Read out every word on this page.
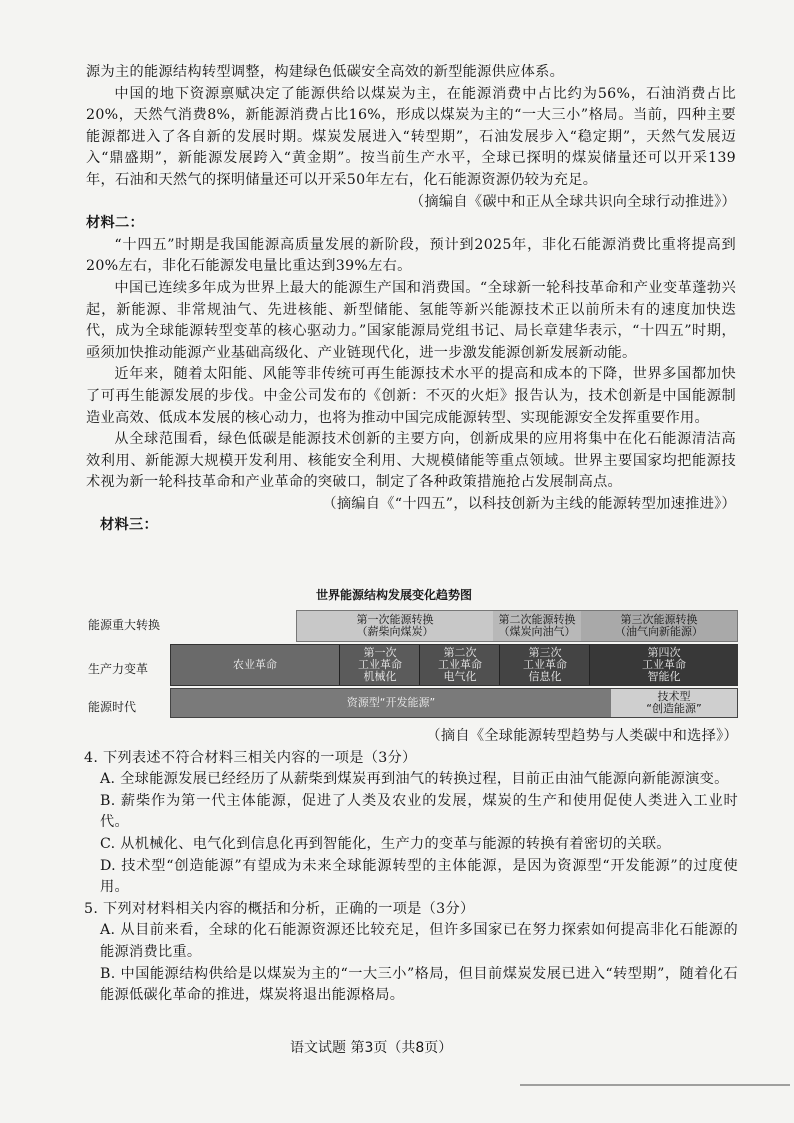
源为主的能源结构转型调整，构建绿色低碳安全高效的新型能源供应体系。

中国的地下资源禀赋决定了能源供给以煤炭为主，在能源消费中占比约为56%，石油消费占比20%，天然气消费8%，新能源消费占比16%，形成以煤炭为主的“一大三小”格局。当前，四种主要能源都进入了各自新的发展时期。煤炭发展进入“转型期”，石油发展步入“稳定期”，天然气发展迈入“鼎盛期”，新能源发展跨入“黄金期”。按当前生产水平，全球已探明的煤炭储量还可以开采139年，石油和天然气的探明储量还可以开采50年左右，化石能源资源仍较为充足。

（摘编自《碳中和正从全球共识向全球行动推进》）

材料二：

“十四五”时期是我国能源高质量发展的新阶段，预计到2025年，非化石能源消费比重将提高到20%左右，非化石能源发电量比重达到39%左右。

中国已连续多年成为世界上最大的能源生产国和消费国。“全球新一轮科技革命和产业变革蓬勃兴起，新能源、非常规油气、先进核能、新型储能、氢能等新兴能源技术正以前所未有的速度加快迭代，成为全球能源转型变革的核心驱动力。”国家能源局党组书记、局长章建华表示，“十四五”时期，亟须加快推动能源产业基础高级化、产业链现代化，进一步激发能源创新发展新动能。

近年来，随着太阳能、风能等非传统可再生能源技术水平的提高和成本的下降，世界多国都加快了可再生能源发展的步伐。中金公司发布的《创新：不灭的火炬》报告认为，技术创新是中国能源制造业高效、低成本发展的核心动力，也将为推动中国完成能源转型、实现能源安全发挥重要作用。

从全球范围看，绿色低碳是能源技术创新的主要方向，创新成果的应用将集中在化石能源清洁高效利用、新能源大规模开发利用、核能安全利用、大规模储能等重点领域。世界主要国家均把能源技术视为新一轮科技革命和产业革命的突破口，制定了各种政策措施抢占发展制高点。

（摘编自《“十四五”，以科技创新为主线的能源转型加速推进》）

材料三：

世界能源结构发展变化趋势图
能源重大转换
生产力变革
能源时代
第一次能源转换
（薪柴向煤炭）
第二次能源转换
（煤炭向油气）
第三次能源转换
（油气向新能源）
农业革命
第一次
工业革命
机械化
第二次
工业革命
电气化
第三次
工业革命
信息化
第四次
工业革命
智能化
资源型“开发能源”	技术型
“创造能源”

（摘自《全球能源转型趋势与人类碳中和选择》）

4. 下列表述不符合材料三相关内容的一项是（3分）

A. 全球能源发展已经经历了从薪柴到煤炭再到油气的转换过程，目前正由油气能源向新能源演变。

B. 薪柴作为第一代主体能源，促进了人类及农业的发展，煤炭的生产和使用促使人类进入工业时代。

C. 从机械化、电气化到信息化再到智能化，生产力的变革与能源的转换有着密切的关联。

D. 技术型“创造能源”有望成为未来全球能源转型的主体能源，是因为资源型“开发能源”的过度使用。

5. 下列对材料相关内容的概括和分析，正确的一项是（3分）

A. 从目前来看，全球的化石能源资源还比较充足，但许多国家已在努力探索如何提高非化石能源的能源消费比重。

B. 中国能源结构供给是以煤炭为主的“一大三小”格局，但目前煤炭发展已进入“转型期”，随着化石能源低碳化革命的推进，煤炭将退出能源格局。

语文试题 第3页（共8页）
